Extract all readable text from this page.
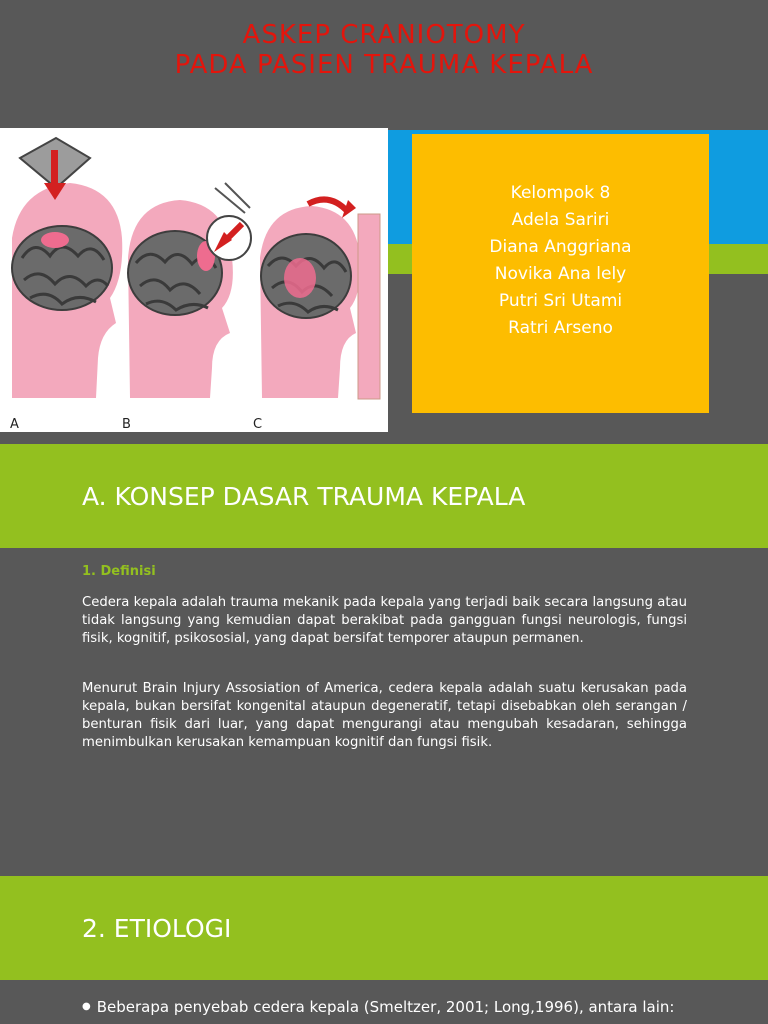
ASKEP CRANIOTOMY
PADA PASIEN TRAUMA KEPALA
A	B	C
Kelompok 8
Adela Sariri
Diana Anggriana
Novika Ana lely
Putri Sri Utami
Ratri Arseno
A. KONSEP DASAR TRAUMA KEPALA
1. Definisi
Cedera kepala adalah trauma mekanik pada kepala yang terjadi baik secara langsung atau tidak langsung yang kemudian dapat berakibat pada gangguan fungsi neurologis, fungsi fisik, kognitif, psikososial, yang dapat bersifat temporer ataupun permanen.
Menurut Brain Injury Assosiation of America, cedera kepala adalah suatu kerusakan pada kepala, bukan bersifat kongenital ataupun degeneratif, tetapi disebabkan oleh serangan / benturan fisik dari luar, yang dapat mengurangi atau mengubah kesadaran, sehingga menimbulkan kerusakan kemampuan kognitif dan fungsi fisik.
2. ETIOLOGI
● Beberapa penyebab cedera kepala (Smeltzer, 2001; Long,1996), antara lain:
